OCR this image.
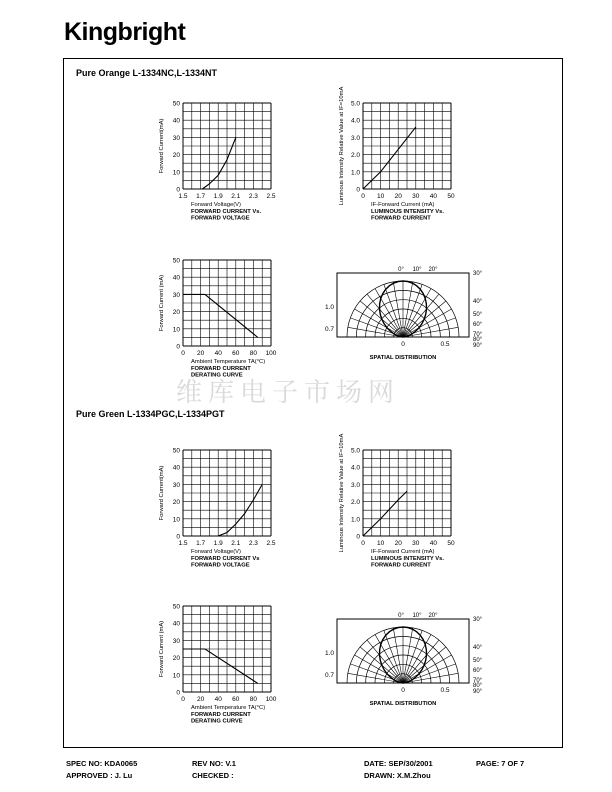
Kingbright
Pure Orange L-1334NC,L-1334NT
Pure Green L-1334PGC,L-1334PGT
维库电子市场网
1.5 1.7 1.9 2.1 2.3 2.5
0
10
20
30
40
50
Forward Current(mA)
Forward Voltage(V)
FORWARD CURRENT Vs.
FORWARD VOLTAGE
0 10 20 30 40 50
0
1.0
2.0
3.0
4.0
5.0
Luminous Intensity Relative Value at IF=10mA	IF-Forward Current (mA)
LUMINOUS INTENSITY Vs.
FORWARD CURRENT
0 20 40 60 80 100
0
10
20
30
40
50
Forward Current (mA)
Ambient Temperature TA(°C)
FORWARD CURRENT
DERATING CURVE
0° 10° 20°
30°
40°
50°
60°
70°
80°
90°
1.0
0.7
0	0.5
SPATIAL DISTRIBUTION
1.5 1.7 1.9 2.1 2.3 2.5
0
10
20
30
40
50
Forward Current(mA)
Forward Voltage(V)
FORWARD CURRENT Vs
FORWARD VOLTAGE
0 10 20 30 40 50
0
1.0
2.0
3.0
4.0
5.0
Luminous Intensity Relative Value at IF=10mA	IF-Forward Current (mA)
LUMINOUS INTENSITY Vs.
FORWARD CURRENT
0 20 40 60 80 100
0
10
20
30
40
50
Forward Current (mA)
Ambient Temperature TA(°C)
FORWARD CURRENT
DERATING CURVE
0° 10° 20°
30°
40°
50°
60°
70°
80°
90°
1.0
0.7
0	0.5
SPATIAL DISTRIBUTION
SPEC NO: KDA0065	REV NO: V.1	DATE: SEP/30/2001	PAGE: 7 OF 7
APPROVED : J. Lu	CHECKED :	DRAWN: X.M.Zhou
